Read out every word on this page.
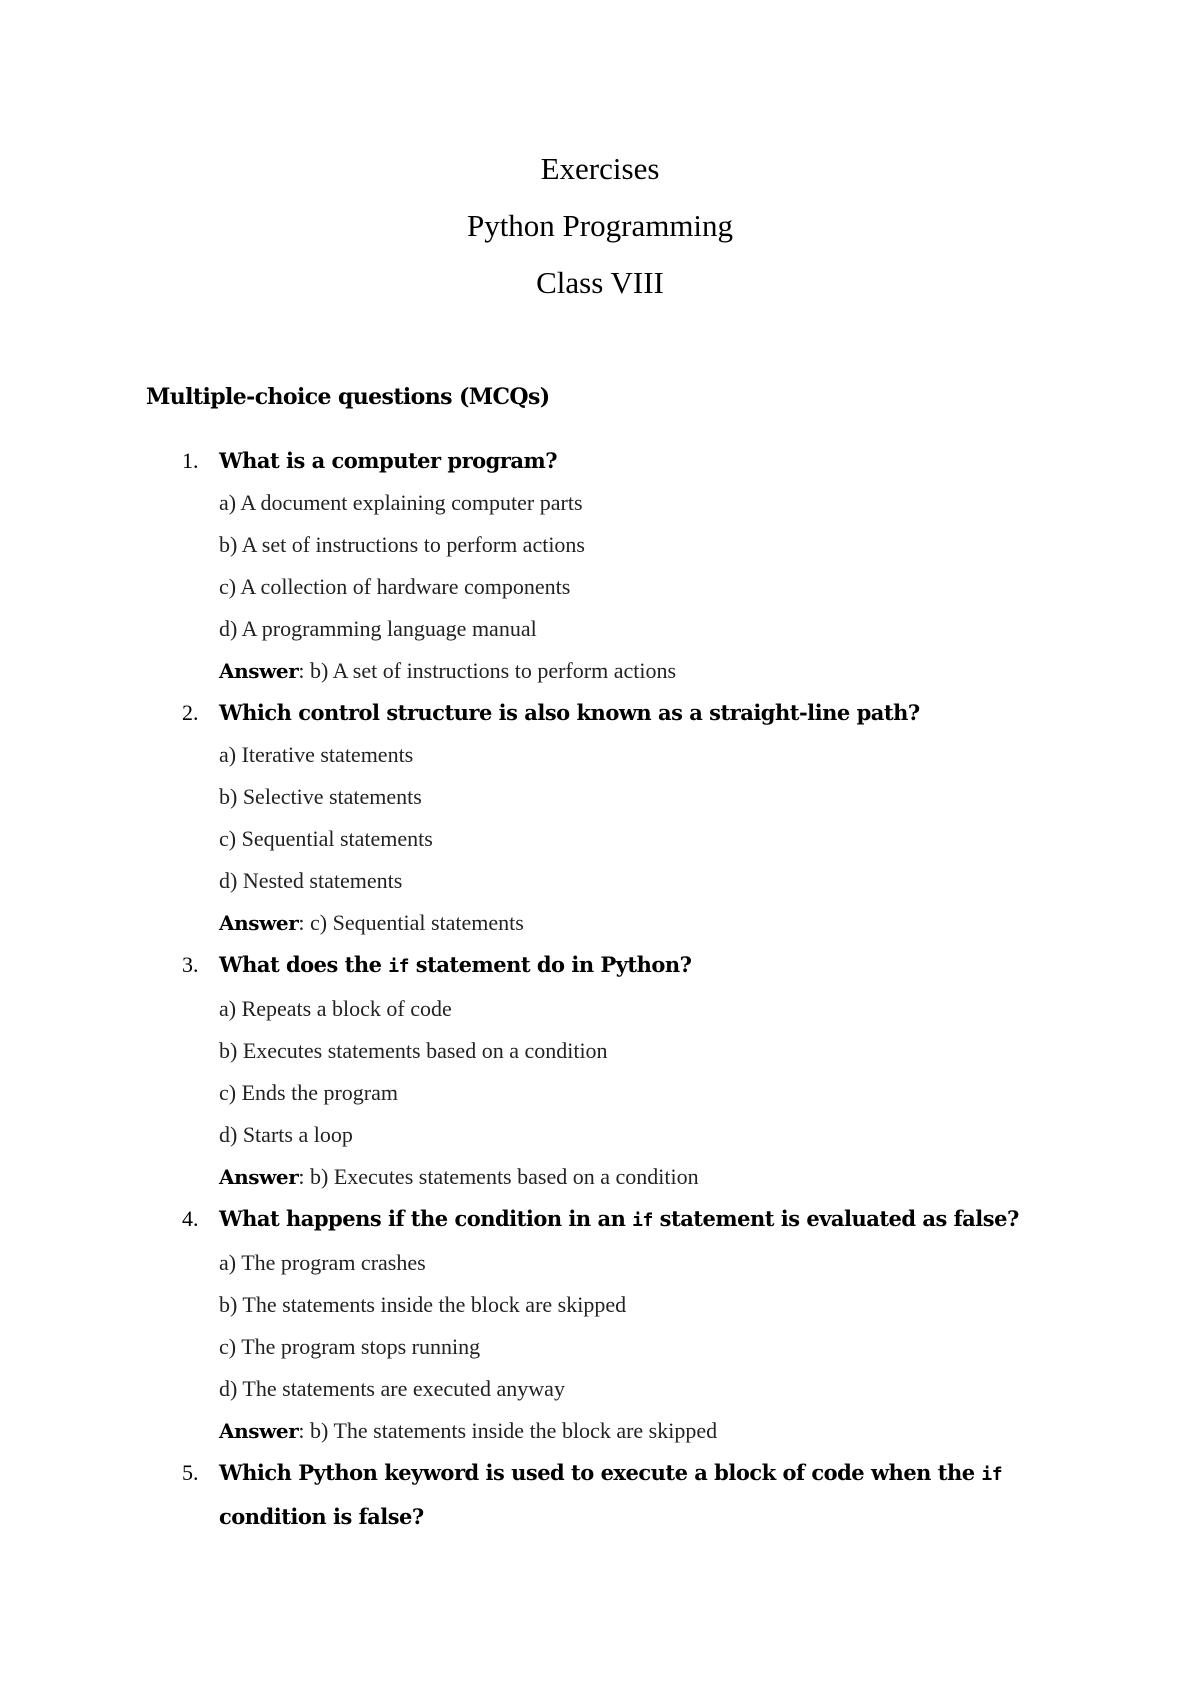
Exercises

Python Programming

Class VIII

Multiple-choice questions (MCQs)

1. What is a computer program?

a) A document explaining computer parts

b) A set of instructions to perform actions

c) A collection of hardware components

d) A programming language manual

Answer: b) A set of instructions to perform actions

2. Which control structure is also known as a straight-line path?

a) Iterative statements

b) Selective statements

c) Sequential statements

d) Nested statements

Answer: c) Sequential statements

3. What does the if statement do in Python?

a) Repeats a block of code

b) Executes statements based on a condition

c) Ends the program

d) Starts a loop

Answer: b) Executes statements based on a condition

4. What happens if the condition in an if statement is evaluated as false?

a) The program crashes

b) The statements inside the block are skipped

c) The program stops running

d) The statements are executed anyway

Answer: b) The statements inside the block are skipped

5. Which Python keyword is used to execute a block of code when the if condition is false?
